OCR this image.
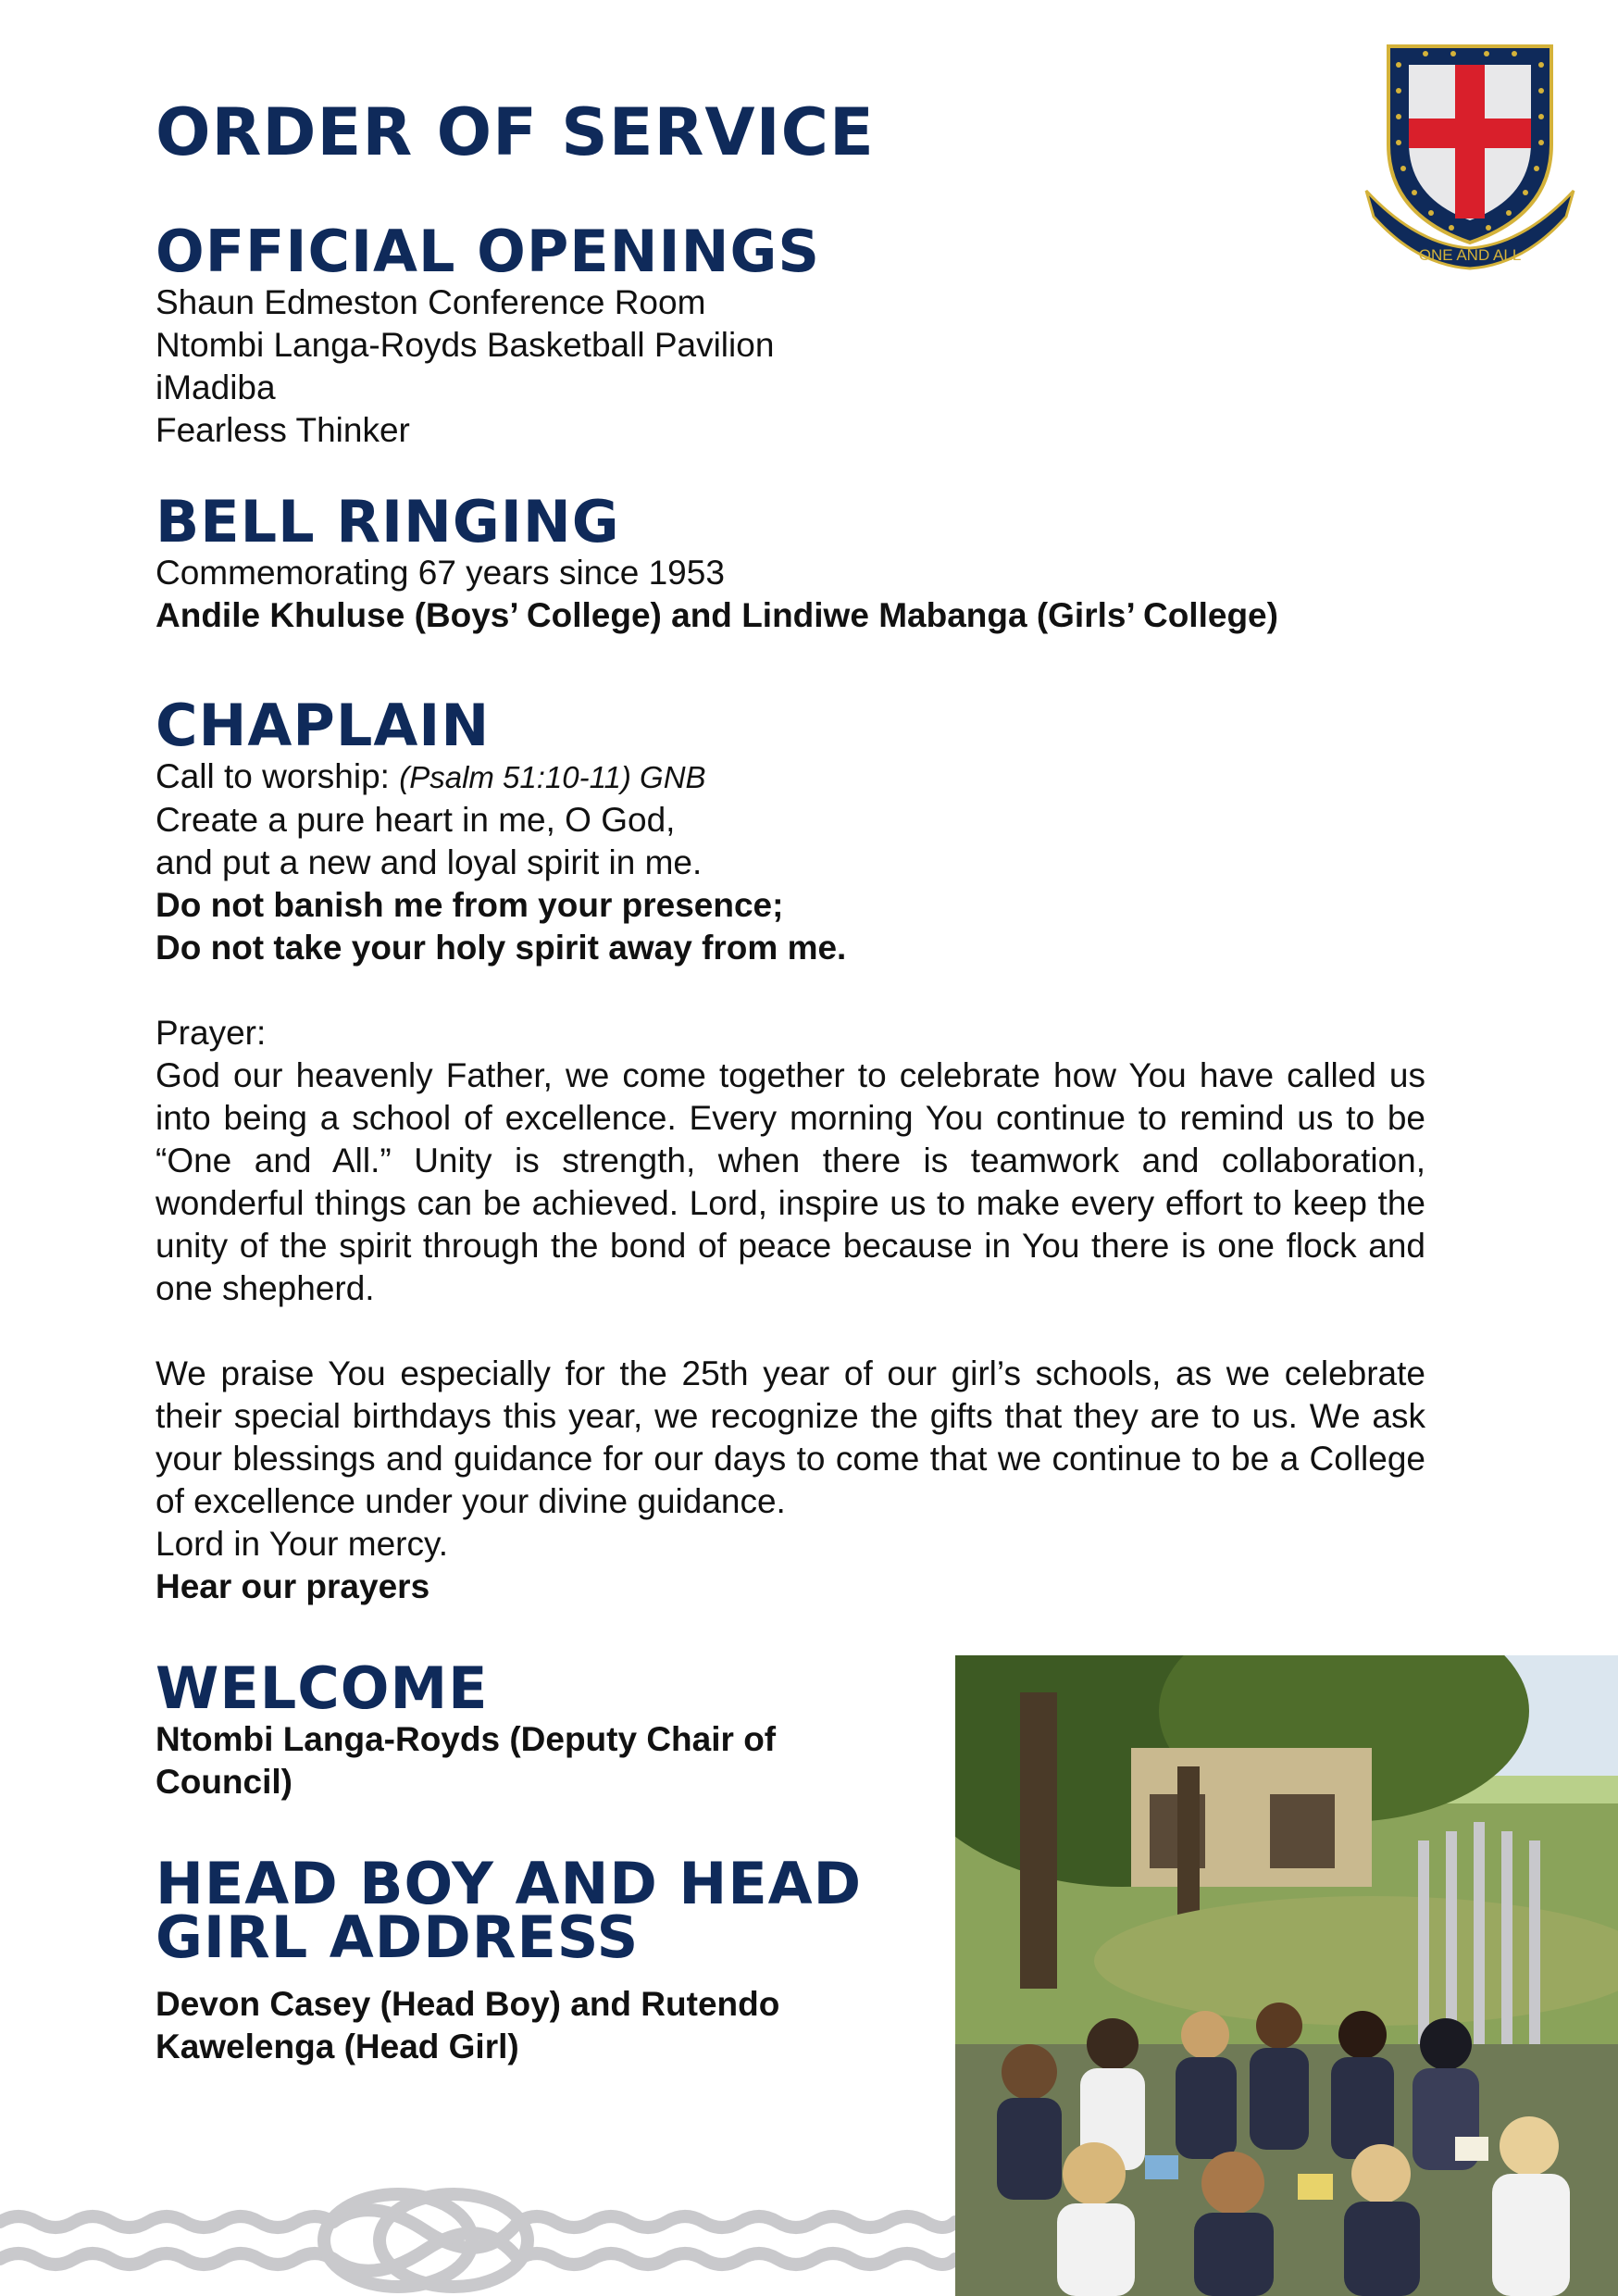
ORDER OF SERVICE
ONE AND ALL
OFFICIAL OPENINGS

Shaun Edmeston Conference Room

Ntombi Langa-Royds Basketball Pavilion

iMadiba

Fearless Thinker

BELL RINGING

Commemorating 67 years since 1953

Andile Khuluse (Boys’ College) and Lindiwe Mabanga (Girls’ College)

CHAPLAIN

Call to worship: (Psalm 51:10-11) GNB

Create a pure heart in me, O God,

and put a new and loyal spirit in me.

Do not banish me from your presence;

Do not take your holy spirit away from me.

Prayer:

God our heavenly Father, we come together to celebrate how You have called us into being a school of excellence. Every morning You continue to remind us to be “One and All.” Unity is strength, when there is teamwork and collaboration, wonderful things can be achieved. Lord, inspire us to make every effort to keep the unity of the spirit through the bond of peace because in You there is one flock and one shepherd.

We praise You especially for the 25th year of our girl’s schools, as we celebrate their special birthdays this year, we recognize the gifts that they are to us. We ask your blessings and guidance for our days to come that we continue to be a College of excellence under your divine guidance.

Lord in Your mercy.

Hear our prayers

WELCOME

Ntombi Langa-Royds (Deputy Chair of

Council)

HEAD BOY AND HEAD
GIRL ADDRESS

Devon Casey (Head Boy) and Rutendo

Kawelenga (Head Girl)
